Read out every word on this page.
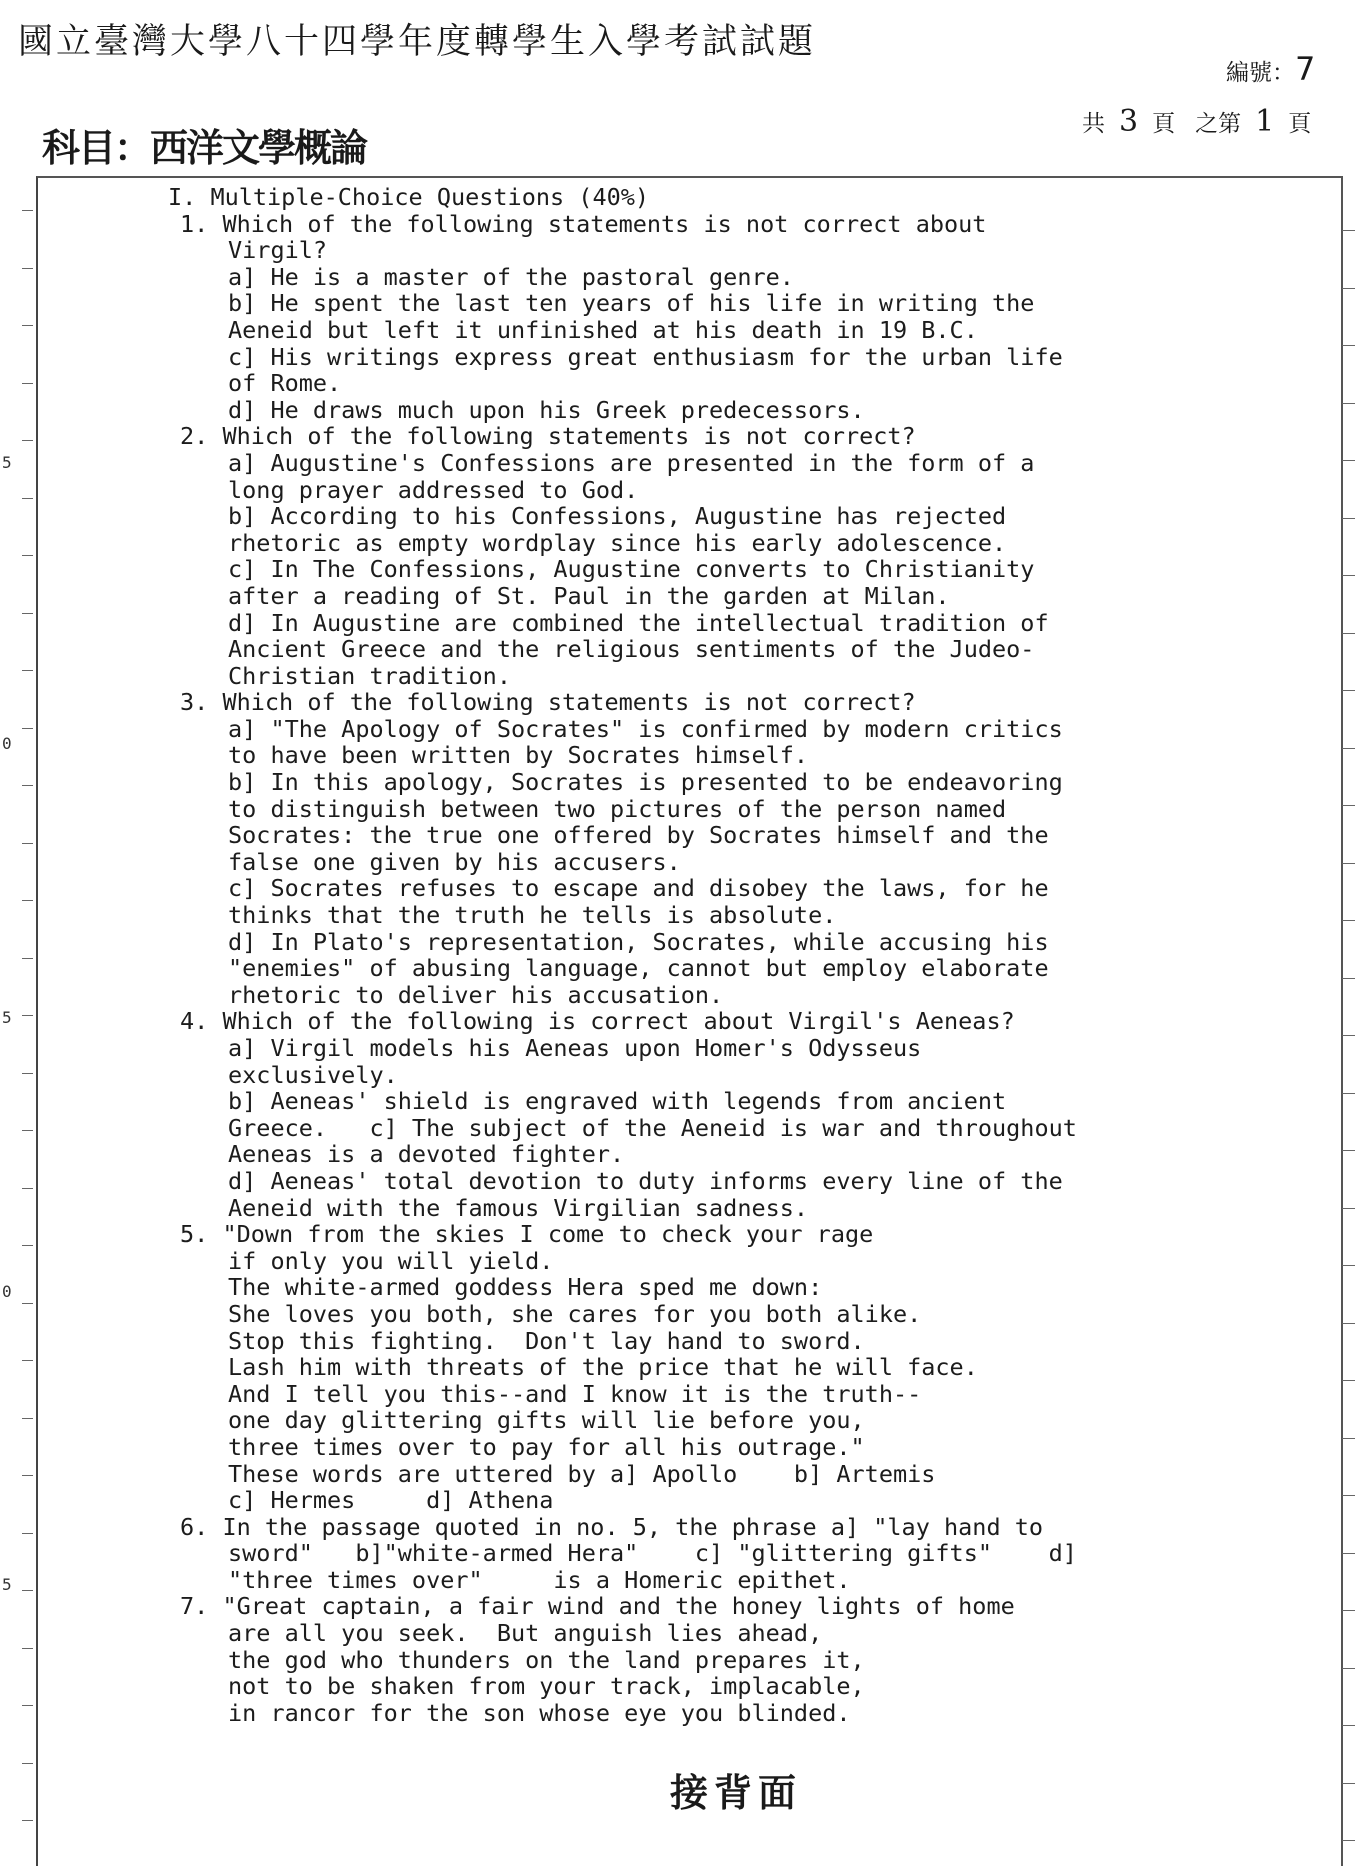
國立臺灣大學八十四學年度轉學生入學考試試題
編號：7
科目：西洋文學概論
共 3 頁 之第 1 頁
5
0
5
0
5
I. Multiple-Choice Questions (40%)
1. Which of the following statements is not correct about
Virgil?
a] He is a master of the pastoral genre.
b] He spent the last ten years of his life in writing the
Aeneid but left it unfinished at his death in 19 B.C.
c] His writings express great enthusiasm for the urban life
of Rome.
d] He draws much upon his Greek predecessors.
2. Which of the following statements is not correct?
a] Augustine's Confessions are presented in the form of a
long prayer addressed to God.
b] According to his Confessions, Augustine has rejected
rhetoric as empty wordplay since his early adolescence.
c] In The Confessions, Augustine converts to Christianity
after a reading of St. Paul in the garden at Milan.
d] In Augustine are combined the intellectual tradition of
Ancient Greece and the religious sentiments of the Judeo-
Christian tradition.
3. Which of the following statements is not correct?
a] "The Apology of Socrates" is confirmed by modern critics
to have been written by Socrates himself.
b] In this apology, Socrates is presented to be endeavoring
to distinguish between two pictures of the person named
Socrates: the true one offered by Socrates himself and the
false one given by his accusers.
c] Socrates refuses to escape and disobey the laws, for he
thinks that the truth he tells is absolute.
d] In Plato's representation, Socrates, while accusing his
"enemies" of abusing language, cannot but employ elaborate
rhetoric to deliver his accusation.
4. Which of the following is correct about Virgil's Aeneas?
a] Virgil models his Aeneas upon Homer's Odysseus
exclusively.
b] Aeneas' shield is engraved with legends from ancient
Greece.   c] The subject of the Aeneid is war and throughout
Aeneas is a devoted fighter.
d] Aeneas' total devotion to duty informs every line of the
Aeneid with the famous Virgilian sadness.
5. "Down from the skies I come to check your rage
if only you will yield.
The white-armed goddess Hera sped me down:
She loves you both, she cares for you both alike.
Stop this fighting.  Don't lay hand to sword.
Lash him with threats of the price that he will face.
And I tell you this--and I know it is the truth--
one day glittering gifts will lie before you,
three times over to pay for all his outrage."
These words are uttered by a] Apollo    b] Artemis
c] Hermes     d] Athena
6. In the passage quoted in no. 5, the phrase a] "lay hand to
sword"   b]"white-armed Hera"    c] "glittering gifts"    d]
"three times over"     is a Homeric epithet.
7. "Great captain, a fair wind and the honey lights of home
are all you seek.  But anguish lies ahead,
the god who thunders on the land prepares it,
not to be shaken from your track, implacable,
in rancor for the son whose eye you blinded.
接背面
